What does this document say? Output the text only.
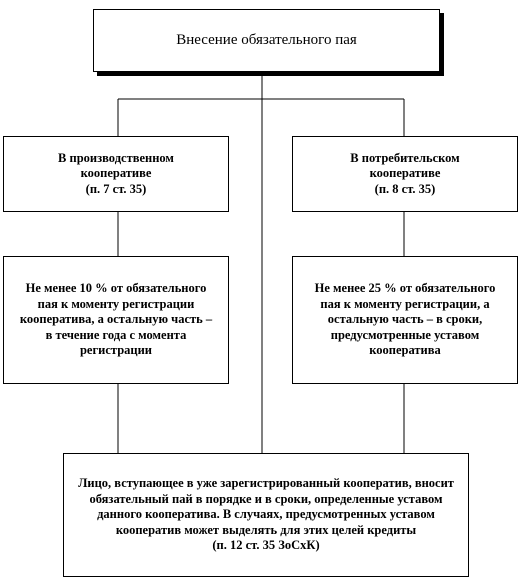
Внесение обязательного пая
В производственном кооперативе
(п. 7 ст. 35)
В потребительском кооперативе
(п. 8 ст. 35)
Не менее 10 % от обязательного пая к моменту регистрации кооператива, а остальную часть – в течение года с момента регистрации
Не менее 25 % от обязательного пая к моменту регистрации, а остальную часть – в сроки, предусмотренные уставом кооператива
Лицо, вступающее в уже зарегистрированный кооператив, вносит обязательный пай в порядке и в сроки, определенные уставом данного кооператива. В случаях, предусмотренных уставом кооператив может выделять для этих целей кредиты
(п. 12 ст. 35 ЗоСхК)
